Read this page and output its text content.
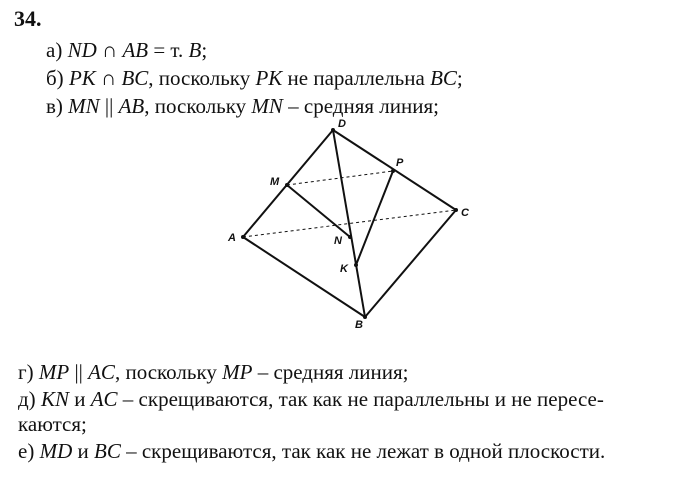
34.
а) ND ∩ AB = т. B;
б) PK ∩ BC, поскольку PK не параллельна BC;
в) MN || AB, поскольку MN – средняя линия;
D
P
M
C
A	N
K
B
г) MP || AC, поскольку MP – средняя линия;
д) KN и AC – скрещиваются, так как не параллельны и не пересе-
каются;
е) MD и BC – скрещиваются, так как не лежат в одной плоскости.
